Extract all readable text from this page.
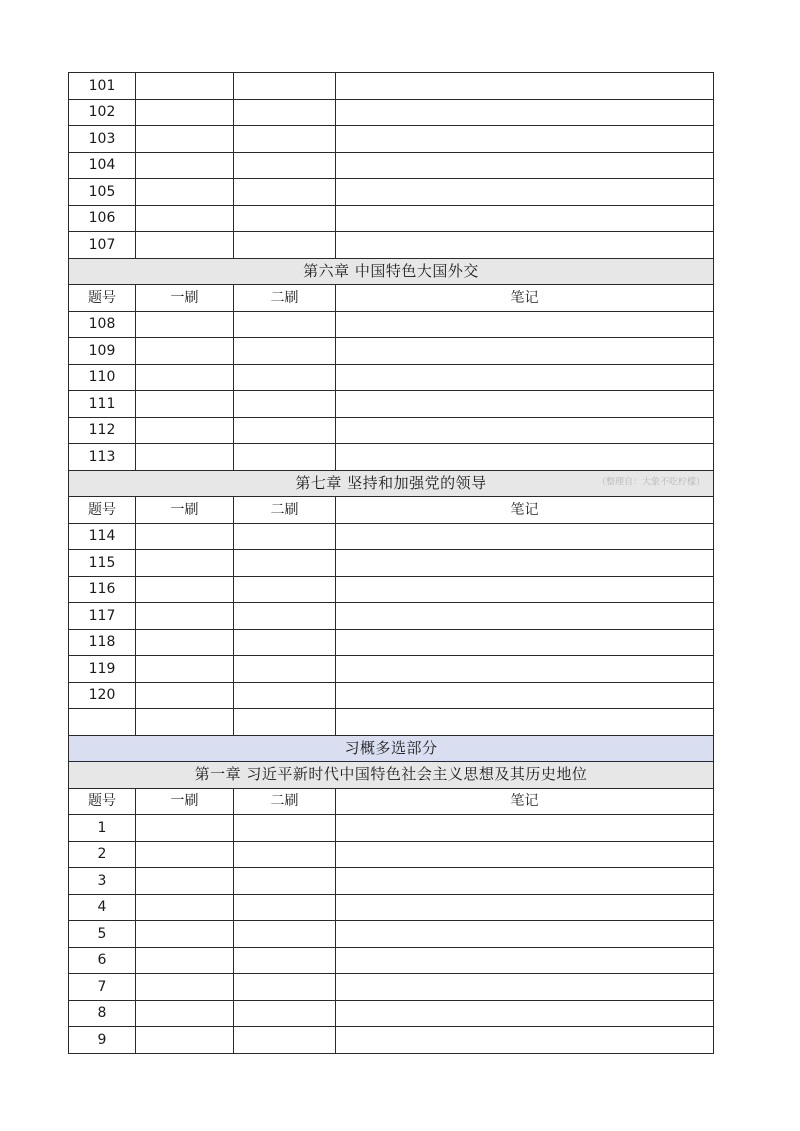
101			
102			
103			
104			
105			
106			
107			
第六章 中国特色大国外交			
题号	一刷	二刷	笔记
108			
109			
110			
111			
112			
113			
第七章 坚持和加强党的领导 （整理自：大象不吃柠檬）			

题号	一刷	二刷	笔记
114			
115			
116			
117			
118			
119			
120			

习概多选部分			
第一章 习近平新时代中国特色社会主义思想及其历史地位			
题号	一刷	二刷	笔记
1			
2			
3			
4			
5			
6			
7			
8			
9			
